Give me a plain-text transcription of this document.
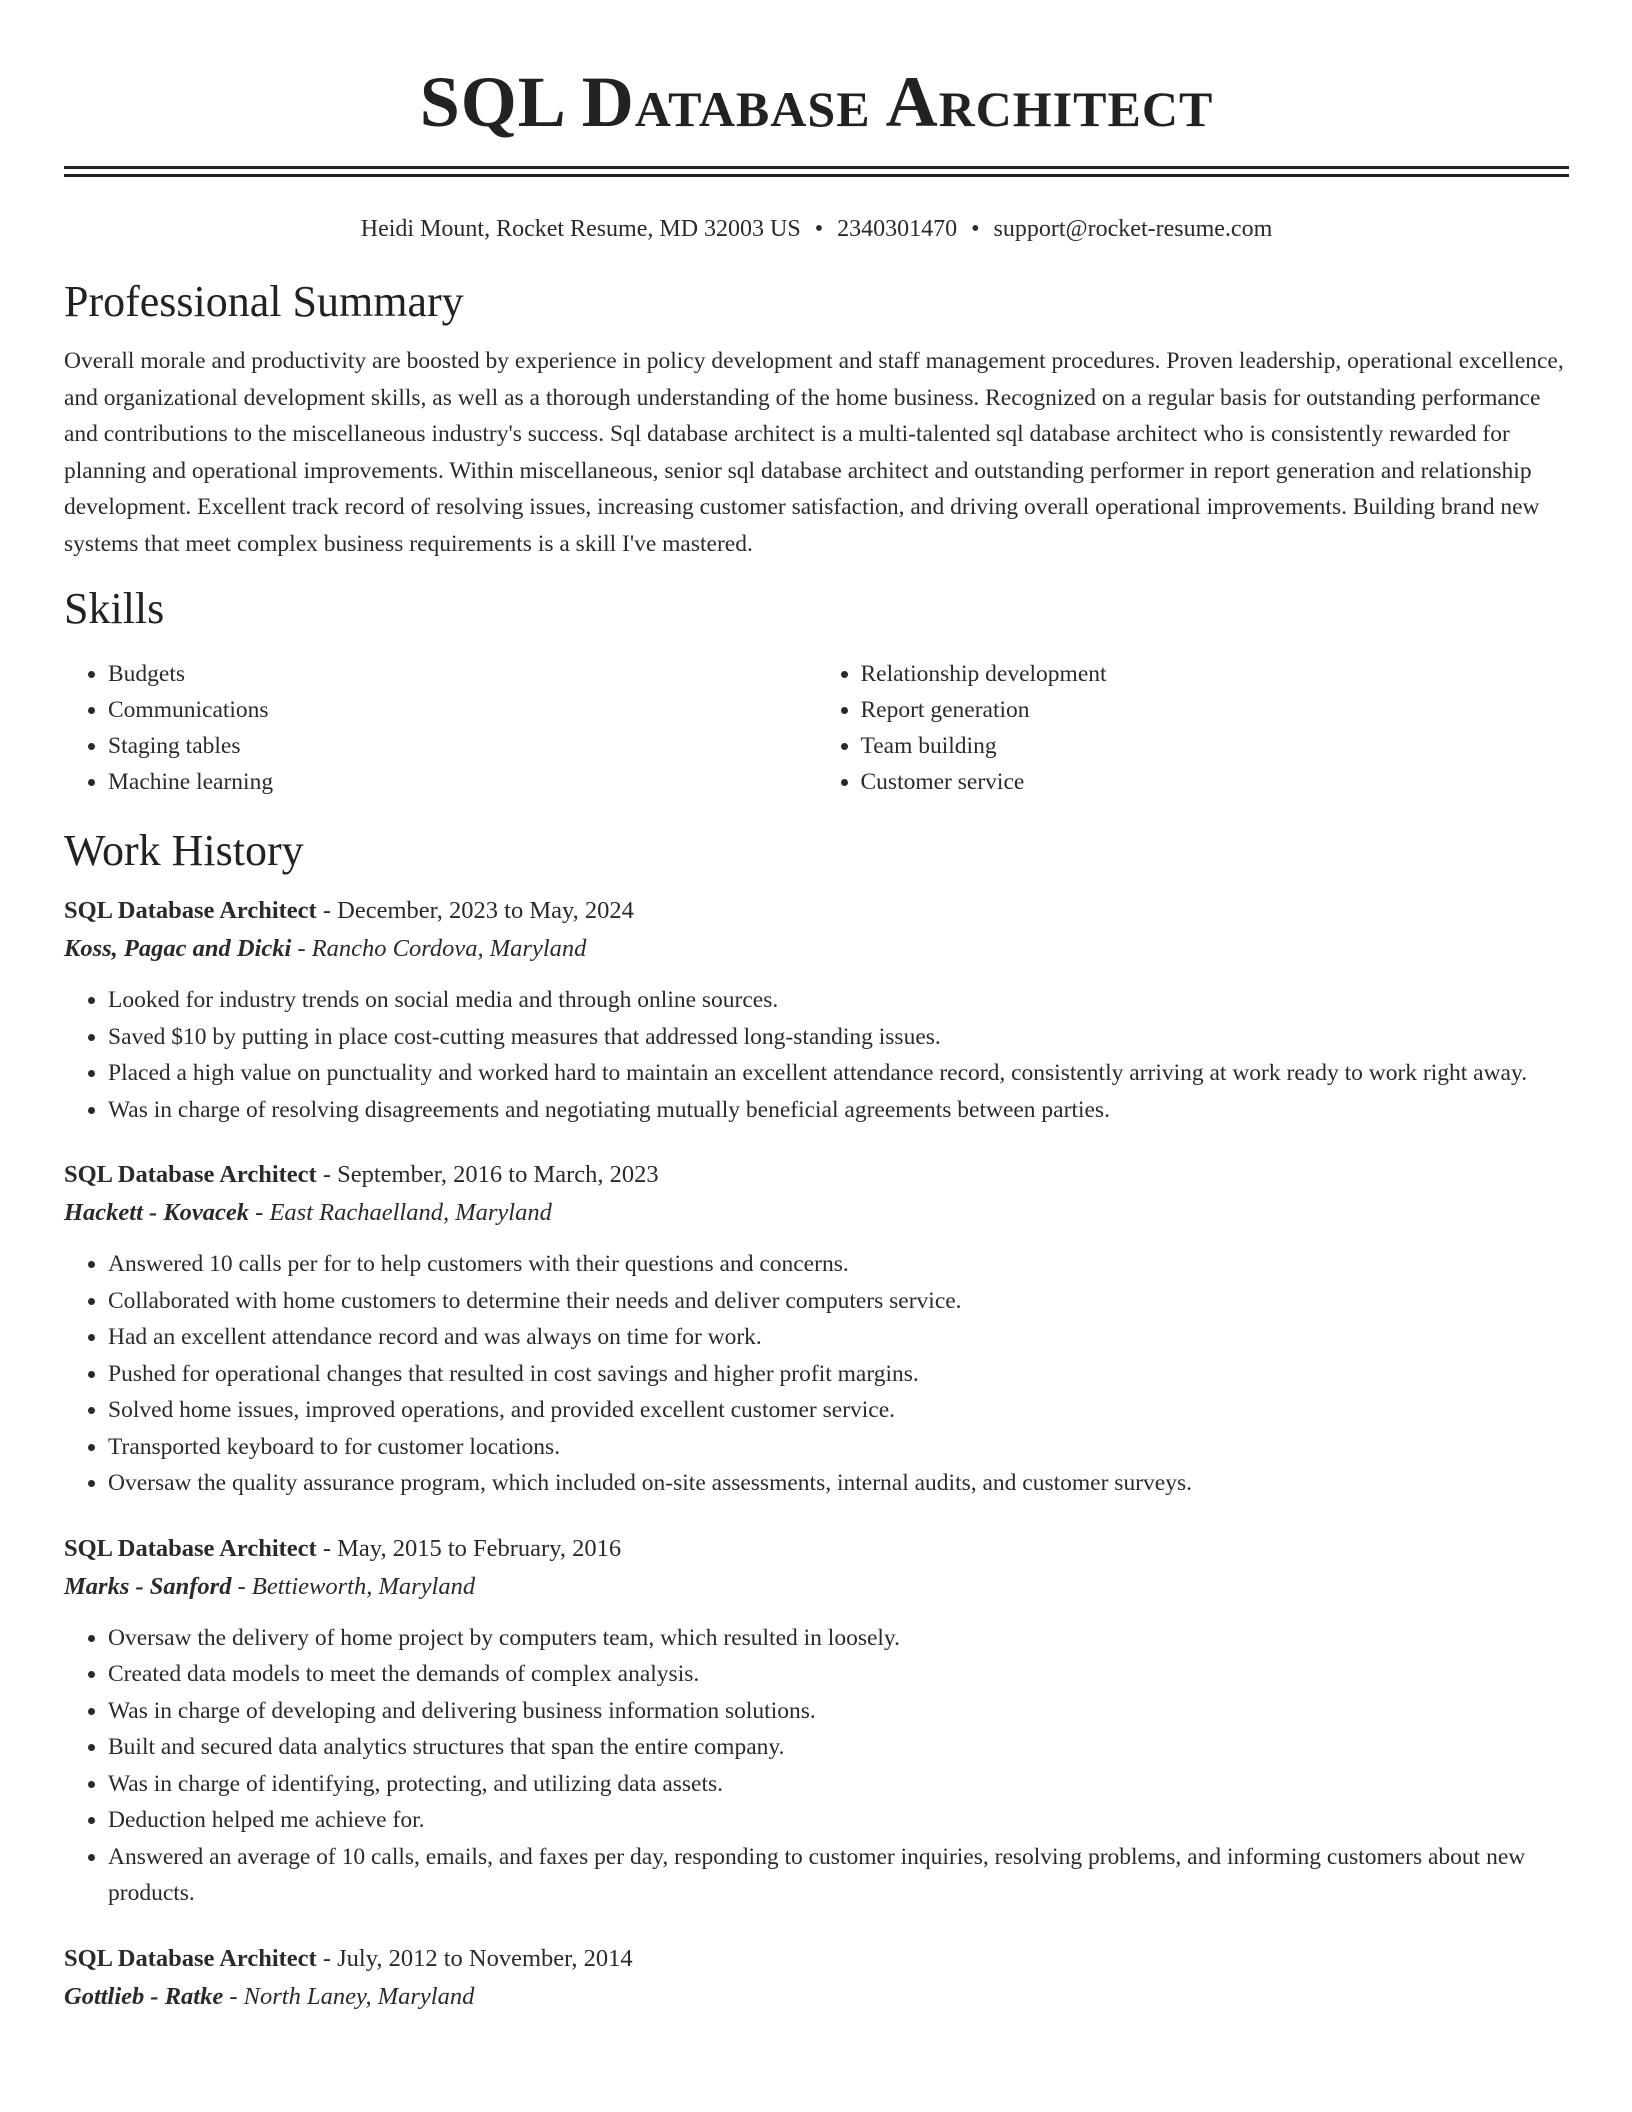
SQL Database Architect
Heidi Mount, Rocket Resume, MD 32003 US • 2340301470 • support@rocket-resume.com
Professional Summary

Overall morale and productivity are boosted by experience in policy development and staff management procedures. Proven leadership, operational excellence, and organizational development skills, as well as a thorough understanding of the home business. Recognized on a regular basis for outstanding performance and contributions to the miscellaneous industry's success. Sql database architect is a multi-talented sql database architect who is consistently rewarded for planning and operational improvements. Within miscellaneous, senior sql database architect and outstanding performer in report generation and relationship development. Excellent track record of resolving issues, increasing customer satisfaction, and driving overall operational improvements. Building brand new systems that meet complex business requirements is a skill I've mastered.

Skills
• Budgets
• Communications
• Staging tables
• Machine learning
• Relationship development
• Report generation
• Team building
• Customer service
Work History
SQL Database Architect - December, 2023 to May, 2024
Koss, Pagac and Dicki - Rancho Cordova, Maryland
• Looked for industry trends on social media and through online sources.
• Saved $10 by putting in place cost-cutting measures that addressed long-standing issues.
• Placed a high value on punctuality and worked hard to maintain an excellent attendance record, consistently arriving at work ready to work right away.
• Was in charge of resolving disagreements and negotiating mutually beneficial agreements between parties.
SQL Database Architect - September, 2016 to March, 2023
Hackett - Kovacek - East Rachaelland, Maryland
• Answered 10 calls per for to help customers with their questions and concerns.
• Collaborated with home customers to determine their needs and deliver computers service.
• Had an excellent attendance record and was always on time for work.
• Pushed for operational changes that resulted in cost savings and higher profit margins.
• Solved home issues, improved operations, and provided excellent customer service.
• Transported keyboard to for customer locations.
• Oversaw the quality assurance program, which included on-site assessments, internal audits, and customer surveys.
SQL Database Architect - May, 2015 to February, 2016
Marks - Sanford - Bettieworth, Maryland
• Oversaw the delivery of home project by computers team, which resulted in loosely.
• Created data models to meet the demands of complex analysis.
• Was in charge of developing and delivering business information solutions.
• Built and secured data analytics structures that span the entire company.
• Was in charge of identifying, protecting, and utilizing data assets.
• Deduction helped me achieve for.
• Answered an average of 10 calls, emails, and faxes per day, responding to customer inquiries, resolving problems, and informing customers about new products.
SQL Database Architect - July, 2012 to November, 2014
Gottlieb - Ratke - North Laney, Maryland
